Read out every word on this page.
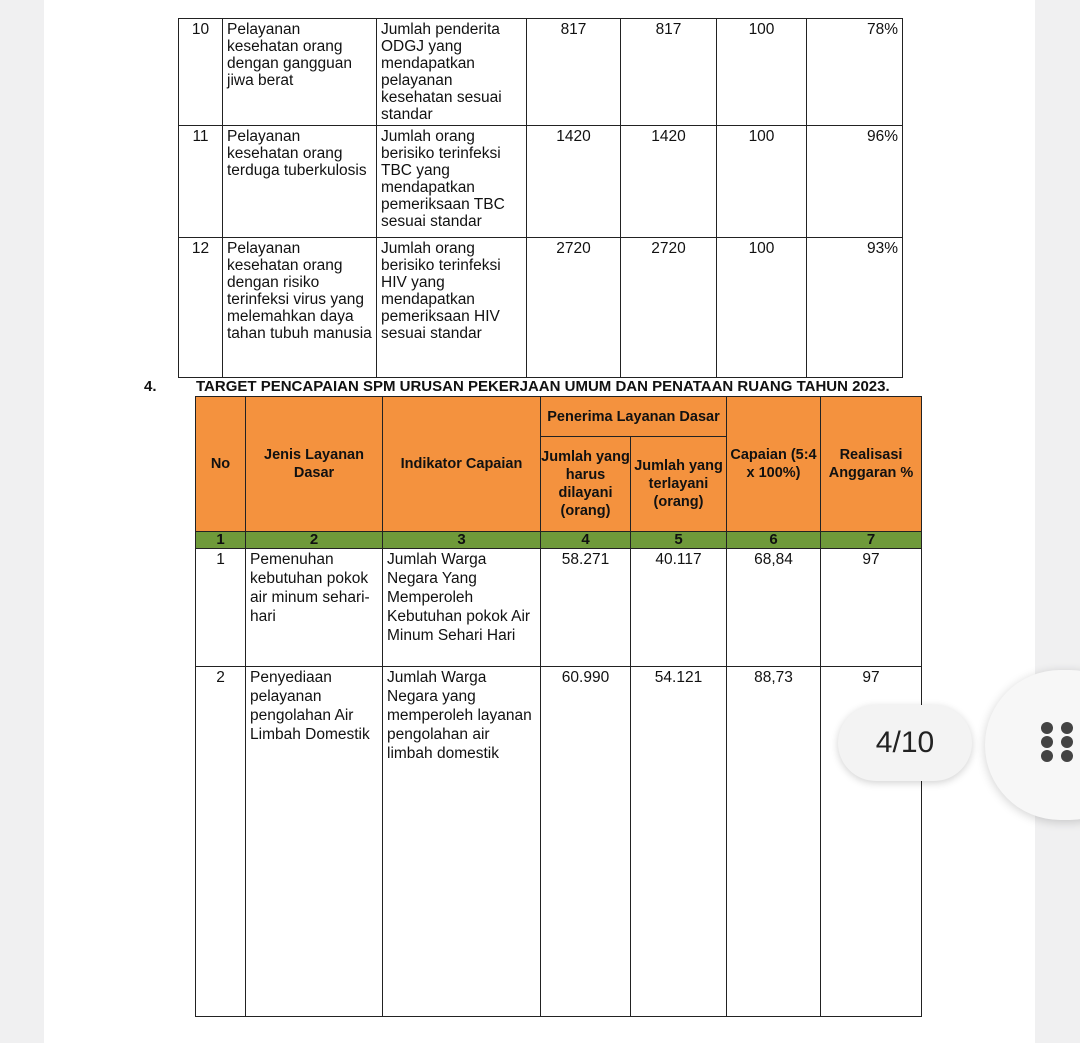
10	Pelayanan kesehatan orang dengan gangguan jiwa berat	Jumlah penderita ODGJ yang mendapatkan pelayanan kesehatan sesuai standar	817	817	100	78%
11	Pelayanan kesehatan orang terduga tuberkulosis	Jumlah orang berisiko terinfeksi TBC yang mendapatkan pemeriksaan TBC sesuai standar	1420	1420	100	96%
12	Pelayanan kesehatan orang dengan risiko terinfeksi virus yang melemahkan daya tahan tubuh manusia	Jumlah orang berisiko terinfeksi HIV yang mendapatkan pemeriksaan HIV sesuai standar	2720	2720	100	93%
4.	TARGET PENCAPAIAN SPM URUSAN PEKERJAAN UMUM DAN PENATAAN RUANG TAHUN 2023.
No	Jenis Layanan Dasar	Indikator Capaian	Penerima Layanan Dasar		Capaian (5:4 x 100%)	Realisasi Anggaran %
			Jumlah yang harus dilayani (orang)	Jumlah yang terlayani (orang)		
1	2	3	4	5	6	7
1	Pemenuhan kebutuhan pokok air minum sehari-hari	Jumlah Warga Negara Yang Memperoleh Kebutuhan pokok Air Minum Sehari Hari	58.271	40.117	68,84	97
2	Penyediaan pelayanan pengolahan Air Limbah Domestik	Jumlah Warga Negara yang memperoleh layanan pengolahan air limbah domestik	60.990	54.121	88,73	97
4/10
